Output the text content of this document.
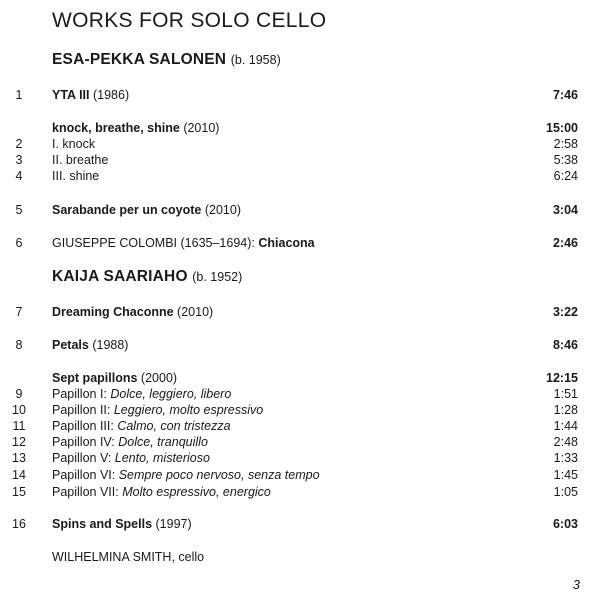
WORKS FOR SOLO CELLO
ESA-PEKKA SALONEN (b. 1958)
1	YTA III (1986)	7:46
knock, breathe, shine (2010)	15:00
2	I. knock	2:58
3	II. breathe	5:38
4	III. shine	6:24
5	Sarabande per un coyote (2010)	3:04
6	GIUSEPPE COLOMBI (1635–1694): Chiacona	2:46
KAIJA SAARIAHO (b. 1952)
7	Dreaming Chaconne (2010)	3:22
8	Petals (1988)	8:46
Sept papillons (2000)	12:15
9	Papillon I: Dolce, leggiero, libero	1:51
10	Papillon II: Leggiero, molto espressivo	1:28
11	Papillon III: Calmo, con tristezza	1:44
12	Papillon IV: Dolce, tranquillo	2:48
13	Papillon V: Lento, misterioso	1:33
14	Papillon VI: Sempre poco nervoso, senza tempo	1:45
15	Papillon VII: Molto espressivo, energico	1:05
16	Spins and Spells (1997)	6:03
WILHELMINA SMITH, cello
3
